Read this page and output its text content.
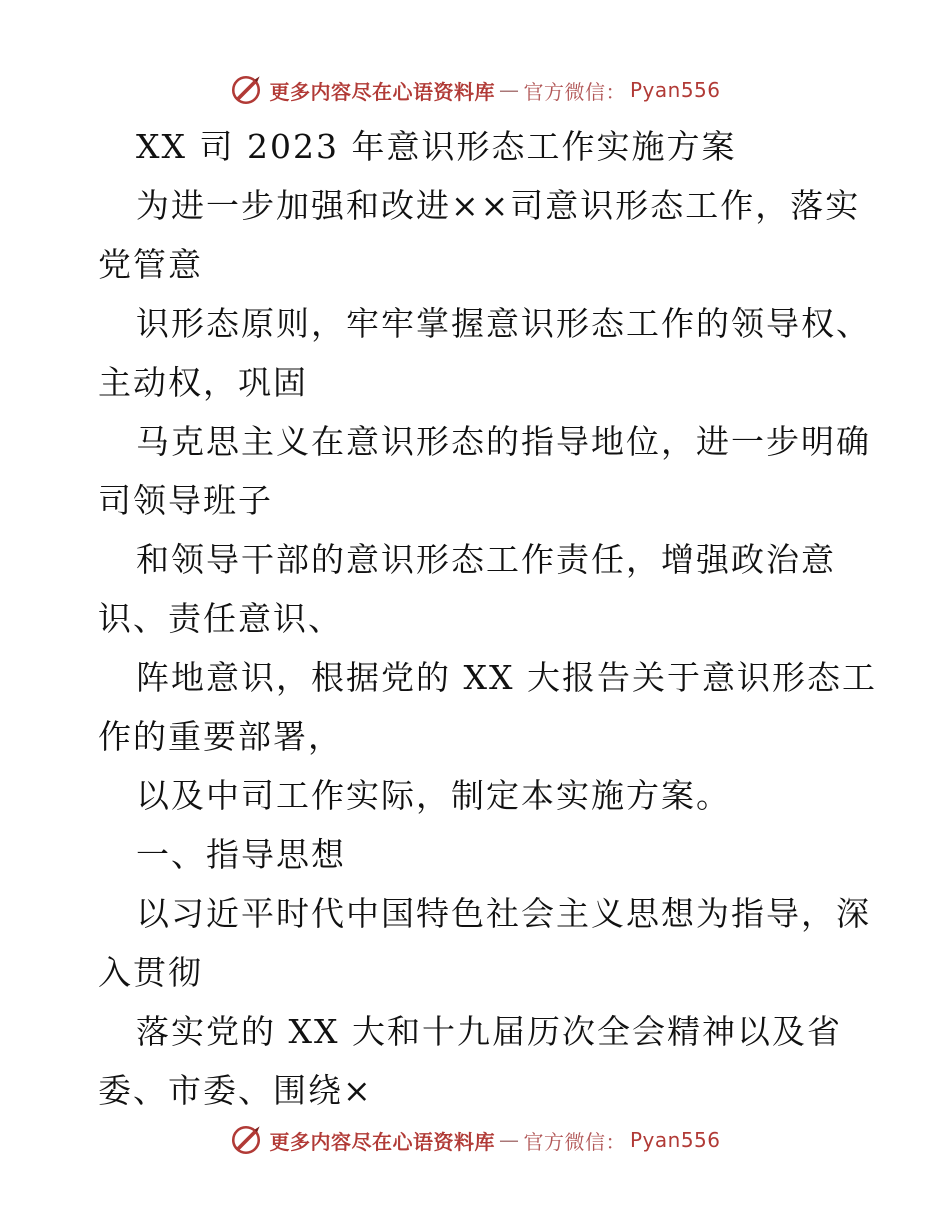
更多内容尽在心语资料库 — 官方微信： Pyan556
XX 司 2023 年意识形态工作实施方案
为进一步加强和改进××司意识形态工作，落实
党管意
识形态原则，牢牢掌握意识形态工作的领导权、
主动权，巩固
马克思主义在意识形态的指导地位，进一步明确
司领导班子
和领导干部的意识形态工作责任，增强政治意
识、责任意识、
阵地意识，根据党的 XX 大报告关于意识形态工
作的重要部署，
以及中司工作实际，制定本实施方案。
一、指导思想
以习近平时代中国特色社会主义思想为指导，深
入贯彻
落实党的 XX 大和十九届历次全会精神以及省
委、市委、围绕×
更多内容尽在心语资料库 — 官方微信： Pyan556
